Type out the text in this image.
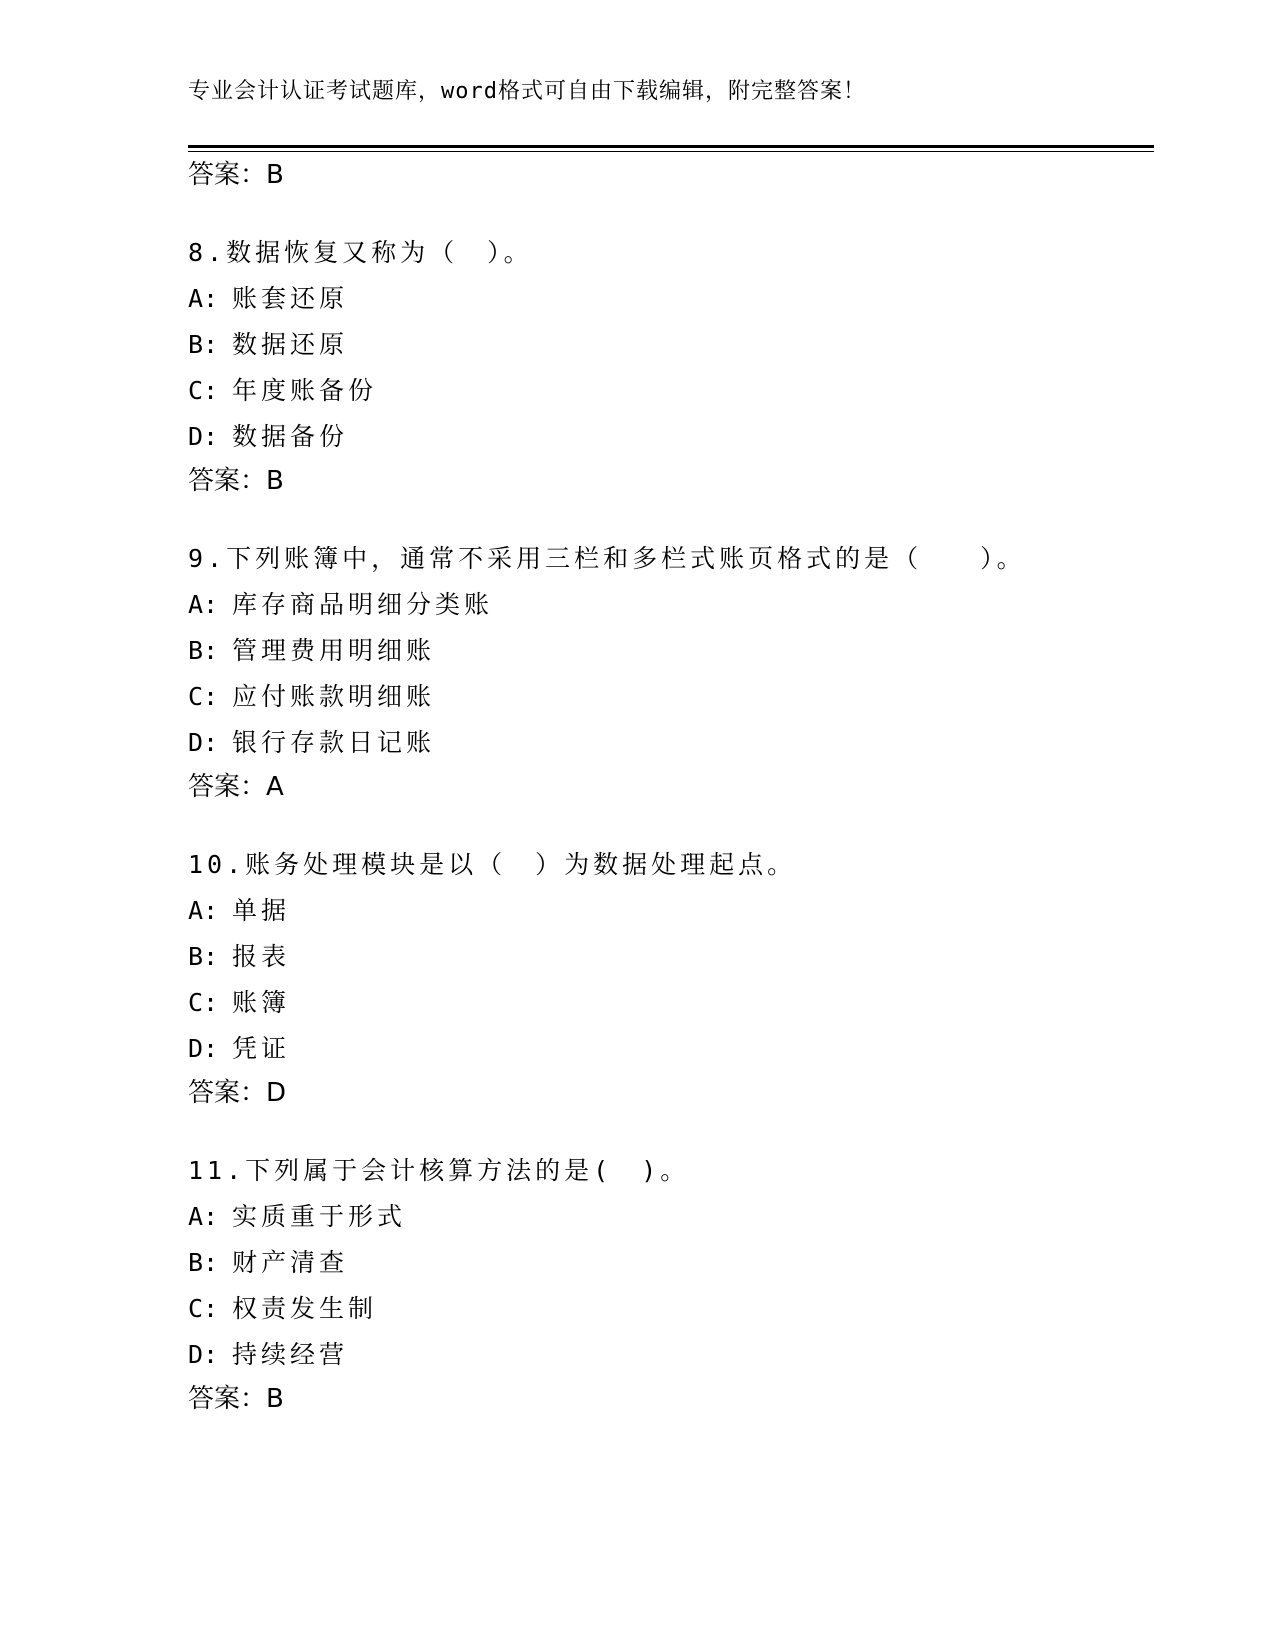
专业会计认证考试题库，word格式可自由下载编辑，附完整答案！
答案：B
8.数据恢复又称为（　）。
A: 账套还原
B: 数据还原
C: 年度账备份
D: 数据备份
答案：B
9.下列账簿中，通常不采用三栏和多栏式账页格式的是（　　）。
A: 库存商品明细分类账
B: 管理费用明细账
C: 应付账款明细账
D: 银行存款日记账
答案：A
10.账务处理模块是以（　）为数据处理起点。
A: 单据
B: 报表
C: 账簿
D: 凭证
答案：D
11.下列属于会计核算方法的是(　)。
A: 实质重于形式
B: 财产清查
C: 权责发生制
D: 持续经营
答案：B
